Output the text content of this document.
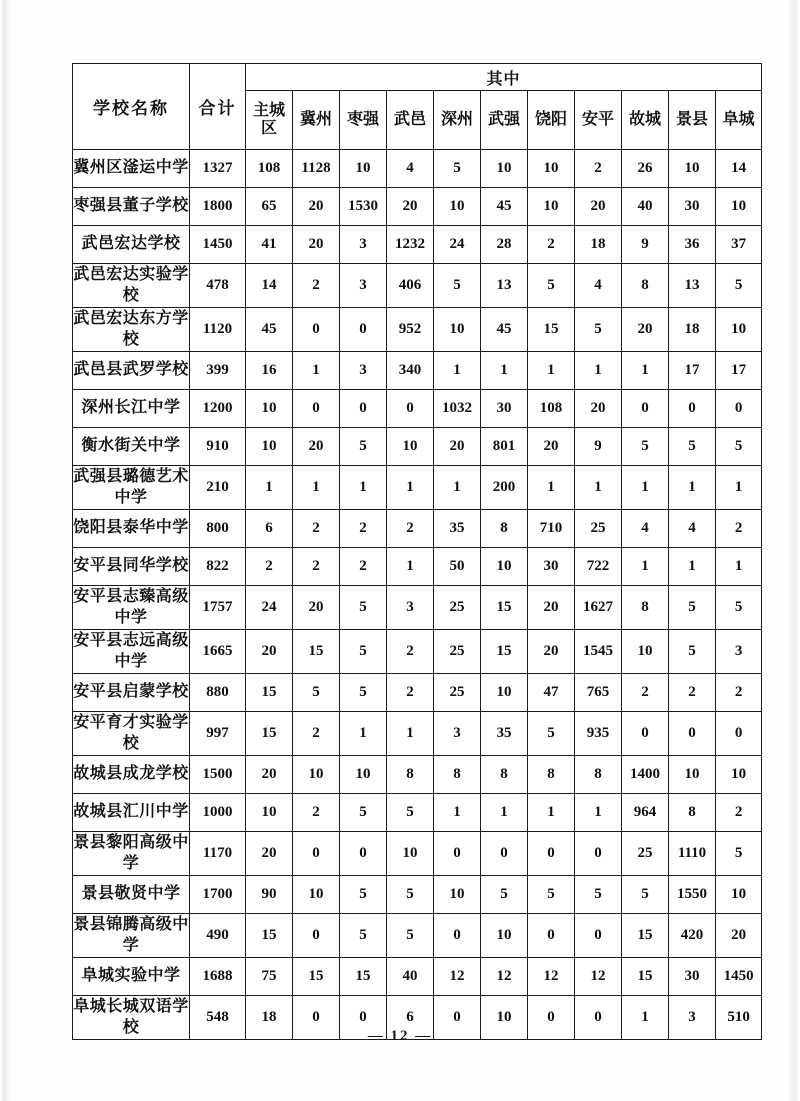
学校名称	合计	其中										

		主城区	冀州	枣强	武邑	深州	武强	饶阳	安平	故城	景县	阜城

冀州区滏运中学	1327	108	1128	10	4	5	10	10	2	26	10	14
枣强县董子学校	1800	65	20	1530	20	10	45	10	20	40	30	10
武邑宏达学校	1450	41	20	3	1232	24	28	2	18	9	36	37
武邑宏达实验学校	478	14	2	3	406	5	13	5	4	8	13	5
武邑宏达东方学校	1120	45	0	0	952	10	45	15	5	20	18	10
武邑县武罗学校	399	16	1	3	340	1	1	1	1	1	17	17
深州长江中学	1200	10	0	0	0	1032	30	108	20	0	0	0
衡水街关中学	910	10	20	5	10	20	801	20	9	5	5	5
武强县璐德艺术中学	210	1	1	1	1	1	200	1	1	1	1	1
饶阳县泰华中学	800	6	2	2	2	35	8	710	25	4	4	2
安平县同华学校	822	2	2	2	1	50	10	30	722	1	1	1
安平县志臻高级中学	1757	24	20	5	3	25	15	20	1627	8	5	5
安平县志远高级中学	1665	20	15	5	2	25	15	20	1545	10	5	3
安平县启蒙学校	880	15	5	5	2	25	10	47	765	2	2	2
安平育才实验学校	997	15	2	1	1	3	35	5	935	0	0	0
故城县成龙学校	1500	20	10	10	8	8	8	8	8	1400	10	10
故城县汇川中学	1000	10	2	5	5	1	1	1	1	964	8	2
景县黎阳高级中学	1170	20	0	0	10	0	0	0	0	25	1110	5
景县敬贤中学	1700	90	10	5	5	10	5	5	5	5	1550	10
景县锦腾高级中学	490	15	0	5	5	0	10	0	0	15	420	20
阜城实验中学	1688	75	15	15	40	12	12	12	12	15	30	1450
阜城长城双语学校	548	18	0	0	6	0	10	0	0	1	3	510
— 12 —
